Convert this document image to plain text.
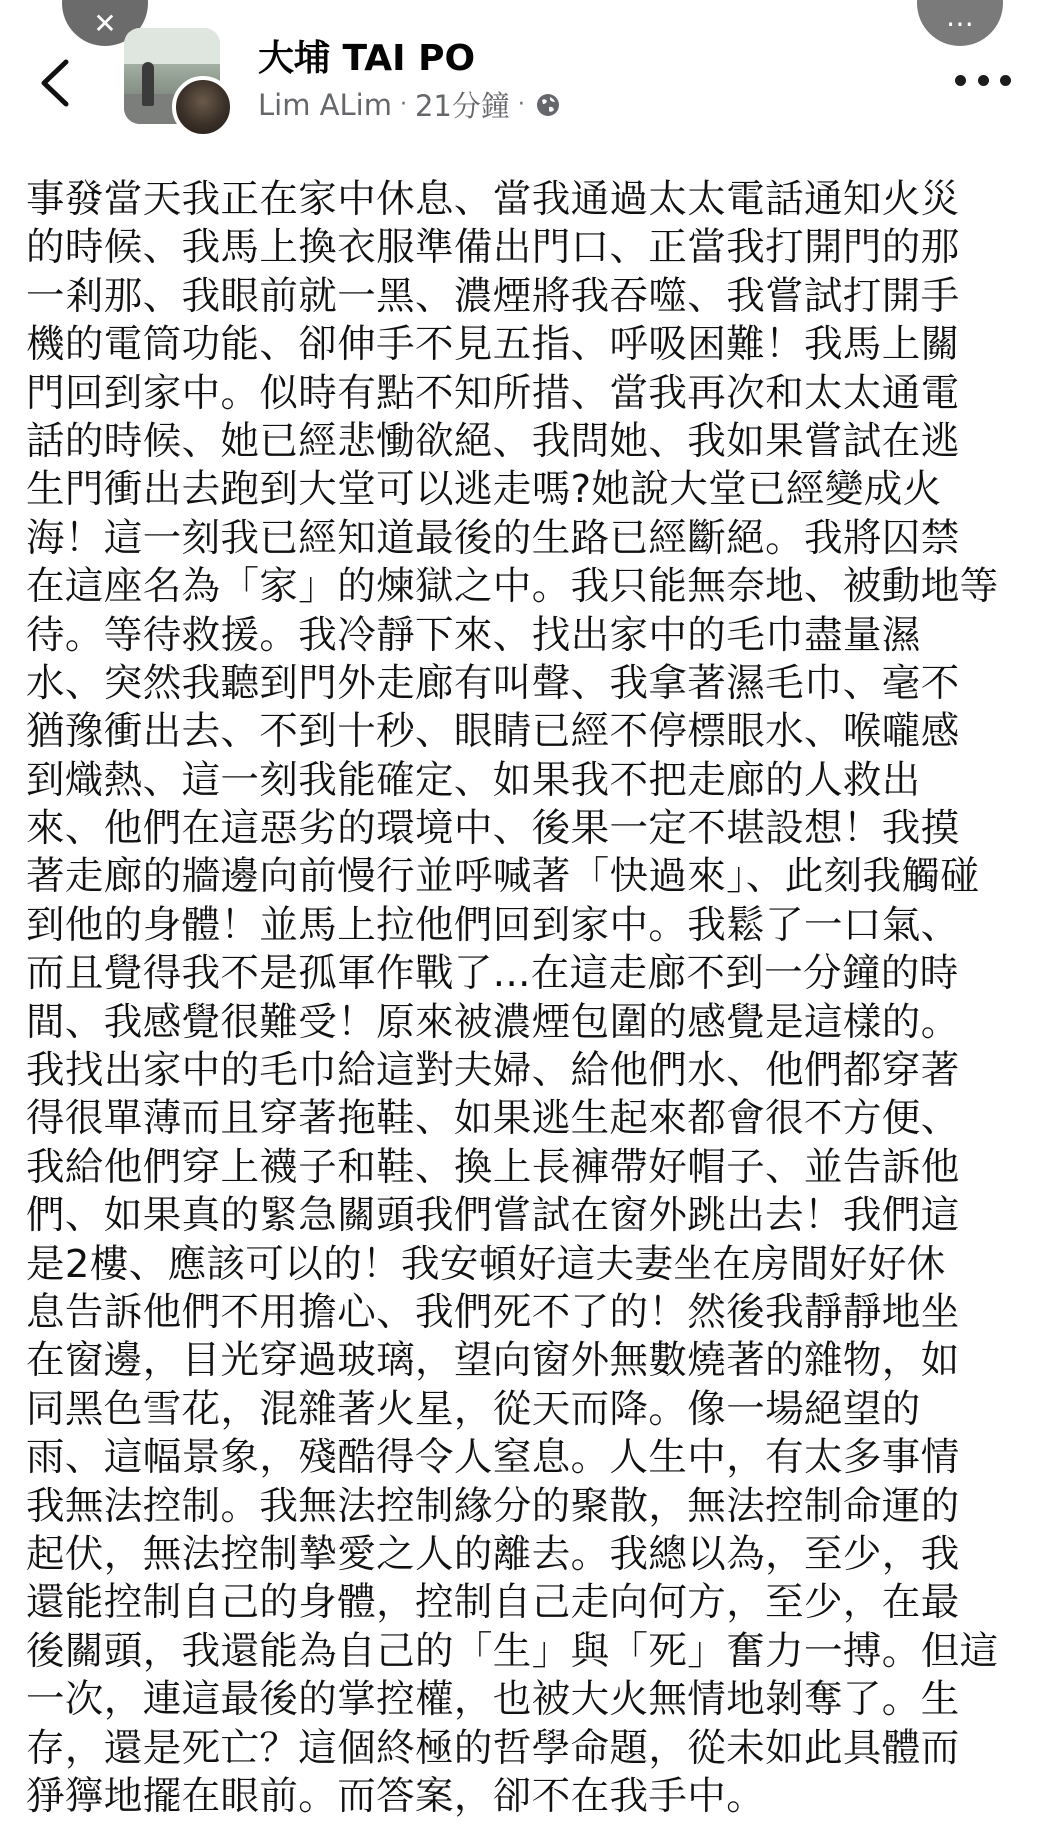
✕	⋯
大埔 TAI PO
Lim ALim · 21分鐘 ·
事發當天我正在家中休息、當我通過太太電話通知火災
的時候、我馬上換衣服準備出門口、正當我打開門的那
一剎那、我眼前就一黑、濃煙將我吞噬、我嘗試打開手
機的電筒功能、卻伸手不見五指、呼吸困難！我馬上關
門回到家中。似時有點不知所措、當我再次和太太通電
話的時候、她已經悲慟欲絕、我問她、我如果嘗試在逃
生門衝出去跑到大堂可以逃走嗎?她說大堂已經變成火
海！這一刻我已經知道最後的生路已經斷絕。我將囚禁
在這座名為「家」的煉獄之中。我只能無奈地、被動地等
待。等待救援。我冷靜下來、找出家中的毛巾盡量濕
水、突然我聽到門外走廊有叫聲、我拿著濕毛巾、毫不
猶豫衝出去、不到十秒、眼睛已經不停標眼水、喉嚨感
到熾熱、這一刻我能確定、如果我不把走廊的人救出
來、他們在這惡劣的環境中、後果一定不堪設想！我摸
著走廊的牆邊向前慢行並呼喊著「快過來」、此刻我觸碰
到他的身體！並馬上拉他們回到家中。我鬆了一口氣、
而且覺得我不是孤軍作戰了...在這走廊不到一分鐘的時
間、我感覺很難受！原來被濃煙包圍的感覺是這樣的。
我找出家中的毛巾給這對夫婦、給他們水、他們都穿著
得很單薄而且穿著拖鞋、如果逃生起來都會很不方便、
我給他們穿上襪子和鞋、換上長褲帶好帽子、並告訴他
們、如果真的緊急關頭我們嘗試在窗外跳出去！我們這
是2樓、應該可以的！我安頓好這夫妻坐在房間好好休
息告訴他們不用擔心、我們死不了的！然後我靜靜地坐
在窗邊，目光穿過玻璃，望向窗外無數燒著的雜物，如
同黑色雪花，混雜著火星，從天而降。像一場絕望的
雨、這幅景象，殘酷得令人窒息。人生中，有太多事情
我無法控制。我無法控制緣分的聚散，無法控制命運的
起伏，無法控制摯愛之人的離去。我總以為，至少，我
還能控制自己的身體，控制自己走向何方，至少，在最
後關頭，我還能為自己的「生」與「死」奮力一搏。但這
一次，連這最後的掌控權，也被大火無情地剝奪了。生
存，還是死亡？這個終極的哲學命題，從未如此具體而
猙獰地擺在眼前。而答案，卻不在我手中。
